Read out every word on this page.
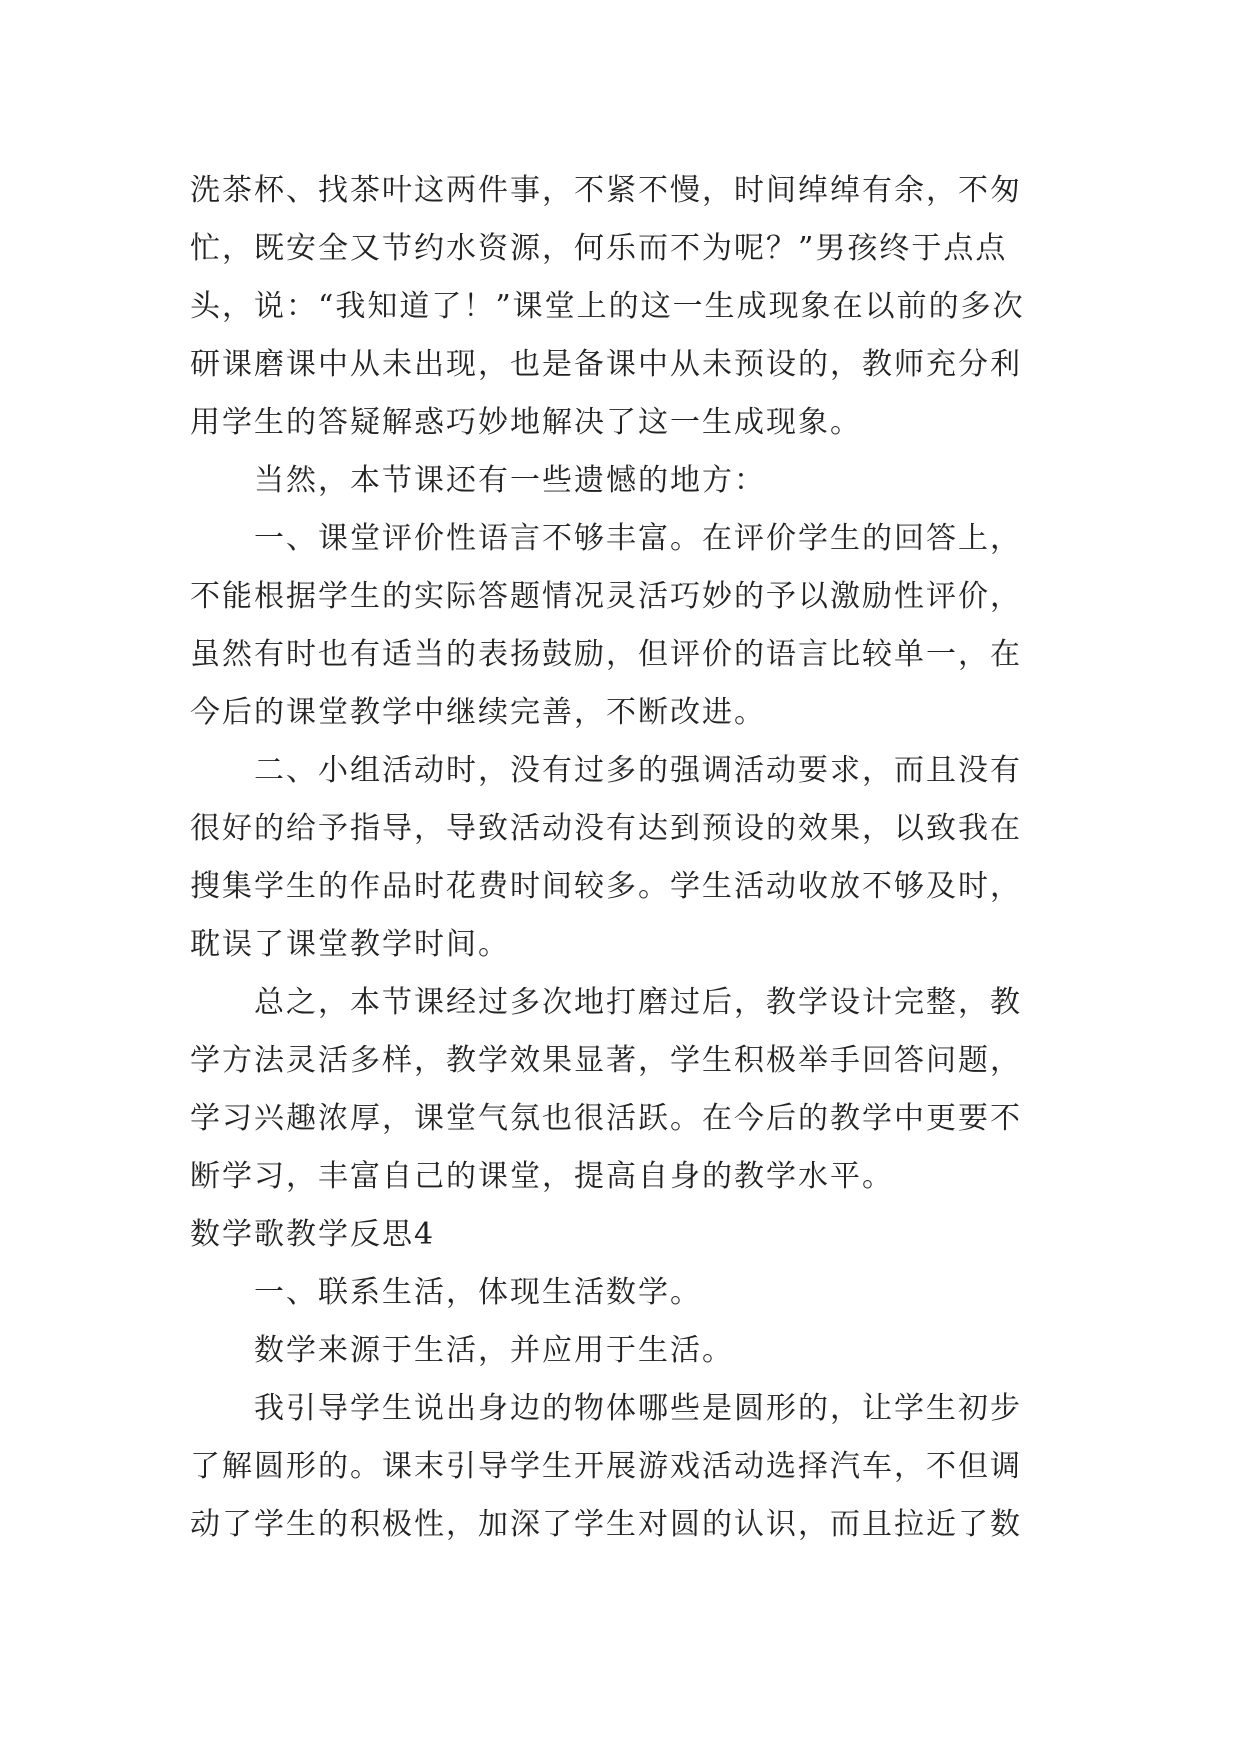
洗茶杯、找茶叶这两件事，不紧不慢，时间绰绰有余，不匆
忙，既安全又节约水资源，何乐而不为呢？”男孩终于点点
头，说：“我知道了！”课堂上的这一生成现象在以前的多次
研课磨课中从未出现，也是备课中从未预设的，教师充分利
用学生的答疑解惑巧妙地解决了这一生成现象。
当然，本节课还有一些遗憾的地方：
一、课堂评价性语言不够丰富。在评价学生的回答上，
不能根据学生的实际答题情况灵活巧妙的予以激励性评价，
虽然有时也有适当的表扬鼓励，但评价的语言比较单一，在
今后的课堂教学中继续完善，不断改进。
二、小组活动时，没有过多的强调活动要求，而且没有
很好的给予指导，导致活动没有达到预设的效果，以致我在
搜集学生的作品时花费时间较多。学生活动收放不够及时，
耽误了课堂教学时间。
总之，本节课经过多次地打磨过后，教学设计完整，教
学方法灵活多样，教学效果显著，学生积极举手回答问题，
学习兴趣浓厚，课堂气氛也很活跃。在今后的教学中更要不
断学习，丰富自己的课堂，提高自身的教学水平。
数学歌教学反思4
一、联系生活，体现生活数学。
数学来源于生活，并应用于生活。
我引导学生说出身边的物体哪些是圆形的，让学生初步
了解圆形的。课末引导学生开展游戏活动选择汽车，不但调
动了学生的积极性，加深了学生对圆的认识，而且拉近了数
